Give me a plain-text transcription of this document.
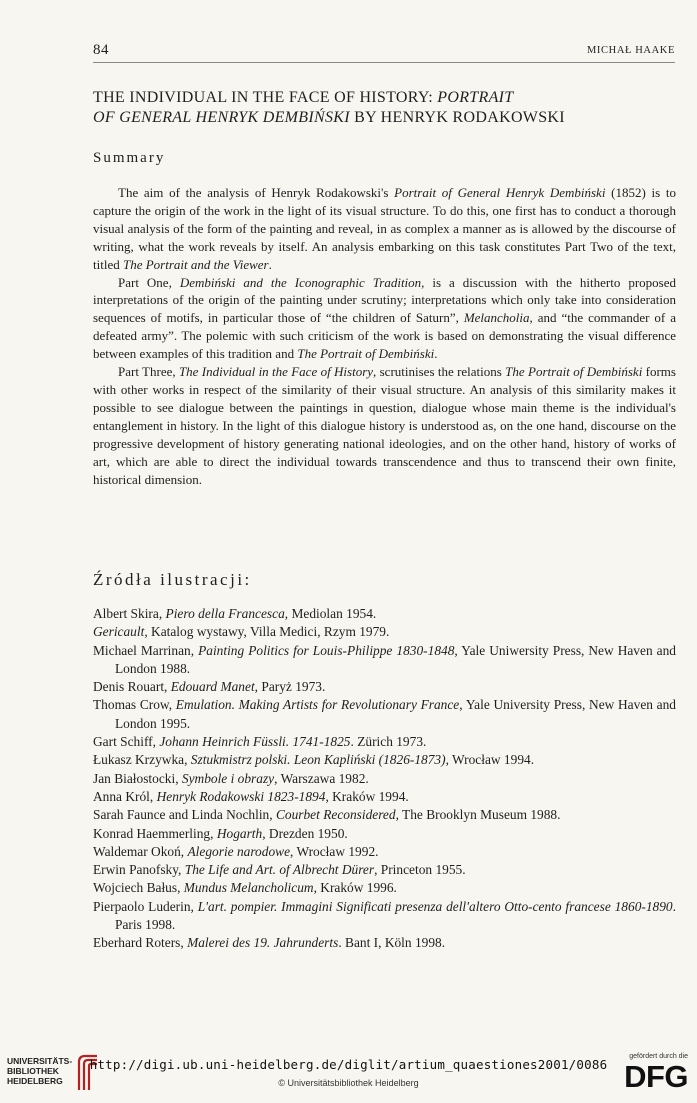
84	MICHAŁ HAAKE
THE INDIVIDUAL IN THE FACE OF HISTORY: PORTRAIT
OF GENERAL HENRYK DEMBIŃSKI BY HENRYK RODAKOWSKI
Summary

The aim of the analysis of Henryk Rodakowski's Portrait of General Henryk Dembiński (1852) is to capture the origin of the work in the light of its visual structure. To do this, one first has to conduct a thorough visual analysis of the form of the painting and reveal, in as complex a manner as is allowed by the discourse of writing, what the work reveals by itself. An analysis embarking on this task constitutes Part Two of the text, titled The Portrait and the Viewer.

Part One, Dembiński and the Iconographic Tradition, is a discussion with the hitherto proposed interpretations of the origin of the painting under scrutiny; interpretations which only take into consideration sequences of motifs, in particular those of “the children of Saturn”, Melancholia, and “the commander of a defeated army”. The polemic with such criticism of the work is based on demonstrating the visual difference between examples of this tradition and The Portrait of Dembiński.

Part Three, The Individual in the Face of History, scrutinises the relations The Portrait of Dembiński forms with other works in respect of the similarity of their visual structure. An analysis of this similarity makes it possible to see dialogue between the paintings in question, dialogue whose main theme is the individual's entanglement in history. In the light of this dialogue history is understood as, on the one hand, discourse on the progressive development of history generating national ideologies, and on the other hand, history of works of art, which are able to direct the individual towards transcendence and thus to transcend their own finite, historical dimension.

Źródła ilustracji:
Albert Skira, Piero della Francesca, Mediolan 1954.
Gericault, Katalog wystawy, Villa Medici, Rzym 1979.
Michael Marrinan, Painting Politics for Louis-Philippe 1830-1848, Yale Uniwersity Press, New Haven and London 1988.
Denis Rouart, Edouard Manet, Paryż 1973.
Thomas Crow, Emulation. Making Artists for Revolutionary France, Yale University Press, New Haven and London 1995.
Gart Schiff, Johann Heinrich Füssli. 1741-1825. Zürich 1973.
Łukasz Krzywka, Sztukmistrz polski. Leon Kapliński (1826-1873), Wrocław 1994.
Jan Białostocki, Symbole i obrazy, Warszawa 1982.
Anna Król, Henryk Rodakowski 1823-1894, Kraków 1994.
Sarah Faunce and Linda Nochlin, Courbet Reconsidered, The Brooklyn Museum 1988.
Konrad Haemmerling, Hogarth, Drezden 1950.
Waldemar Okoń, Alegorie narodowe, Wrocław 1992.
Erwin Panofsky, The Life and Art. of Albrecht Dürer, Princeton 1955.
Wojciech Bałus, Mundus Melancholicum, Kraków 1996.
Pierpaolo Luderin, L'art. pompier. Immagini Significati presenza dell'altero Otto-cento francese 1860-1890. Paris 1998.
Eberhard Roters, Malerei des 19. Jahrunderts. Bant I, Köln 1998.
UNIVERSITÄTS- BIBLIOTHEK HEIDELBERG
http://digi.ub.uni-heidelberg.de/diglit/artium_quaestiones2001/0086
© Universitätsbibliothek Heidelberg
gefördert durch die
DFG
